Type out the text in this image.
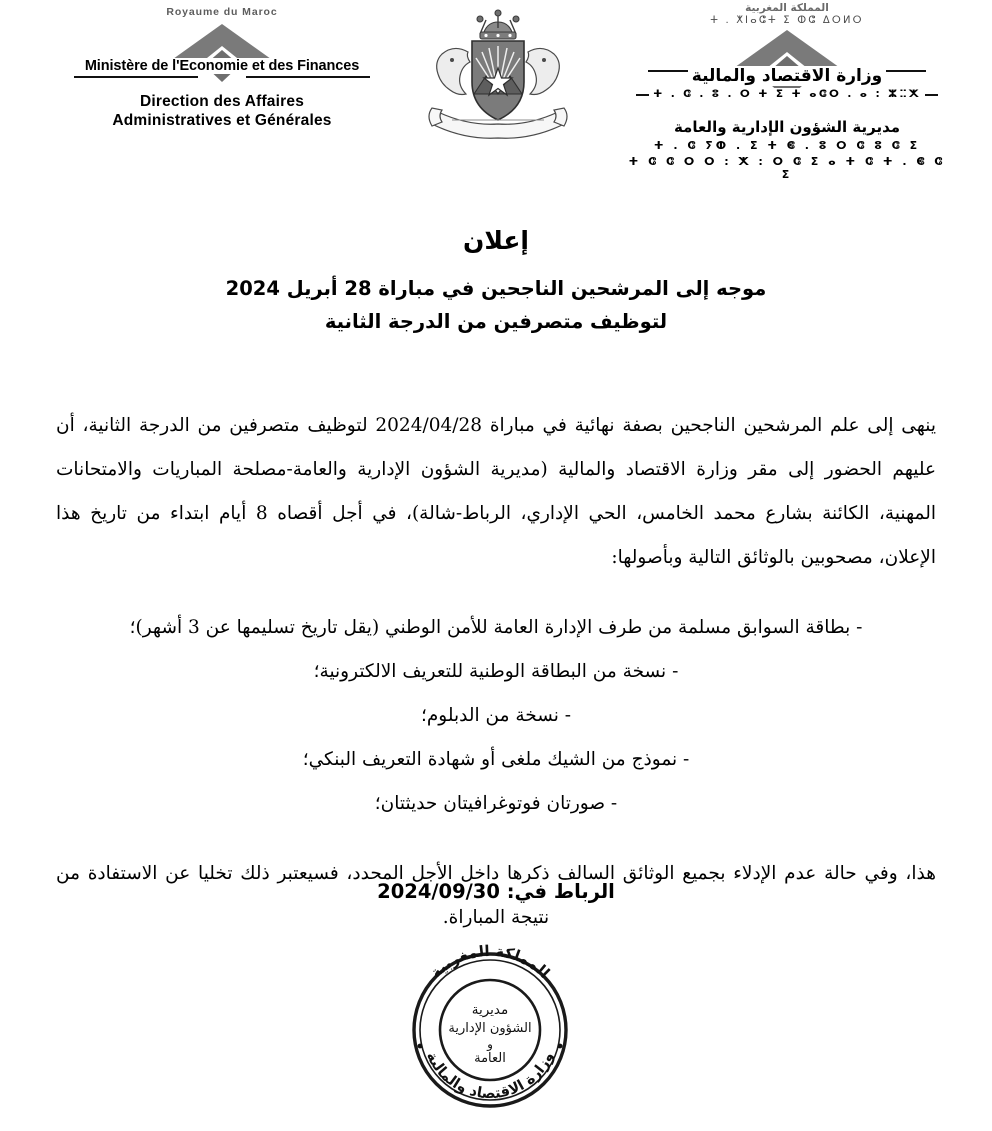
Royaume du Maroc
Ministère de l'Economie et des Finances
Direction des Affaires
Administratives et Générales
المملكة المغربية
ⵜ . ⵅⵏⴰⵛⵜ ⵉ ⵀⵛ ⵠⵔⵍⵔ
وزارة الاقتصاد والمالية
ⵜ . ⵛ . ⵓ . ⵔ ⵜ ⵉ ⵜ ⴰⵛⵔ . ⴰ : ⵣⵆⵅ
مديرية الشؤون الإدارية والعامة
ⵜ . ⵛ ⵢⵀ . ⵉ ⵜ ⵞ . ⵓ ⵔ ⵛ ⵓ ⵛ ⵉ
ⵜ ⵛ ⵛ ⵔ ⵔ : ⵅ : ⵔ ⵛ ⵉ ⴰ ⵜ ⵛ ⵜ . ⵞ ⵛ ⵉ
إعلان
موجه إلى المرشحين الناجحين في مباراة 28 أبريل 2024
لتوظيف متصرفين من الدرجة الثانية
ينهى إلى علم المرشحين الناجحين بصفة نهائية في مباراة 2024/04/28 لتوظيف متصرفين من الدرجة الثانية، أن عليهم الحضور إلى مقر وزارة الاقتصاد والمالية (مديرية الشؤون الإدارية والعامة-مصلحة المباريات والامتحانات المهنية، الكائنة بشارع محمد الخامس، الحي الإداري، الرباط-شالة)، في أجل أقصاه 8 أيام ابتداء من تاريخ هذا الإعلان، مصحوبين بالوثائق التالية وبأصولها:
- بطاقة السوابق مسلمة من طرف الإدارة العامة للأمن الوطني (يقل تاريخ تسليمها عن 3 أشهر)؛
- نسخة من البطاقة الوطنية للتعريف الالكترونية؛
- نسخة من الدبلوم؛
- نموذج من الشيك ملغى أو شهادة التعريف البنكي؛
- صورتان فوتوغرافيتان حديثتان؛
هذا، وفي حالة عدم الإدلاء بجميع الوثائق السالف ذكرها داخل الأجل المحدد، فسيعتبر ذلك تخليا عن الاستفادة من نتيجة المباراة.
الرباط في: 2024/09/30
المملكة المغربية
وزارة الاقتصاد والمالية
مديرية
الشؤون الإدارية
و
العامة
